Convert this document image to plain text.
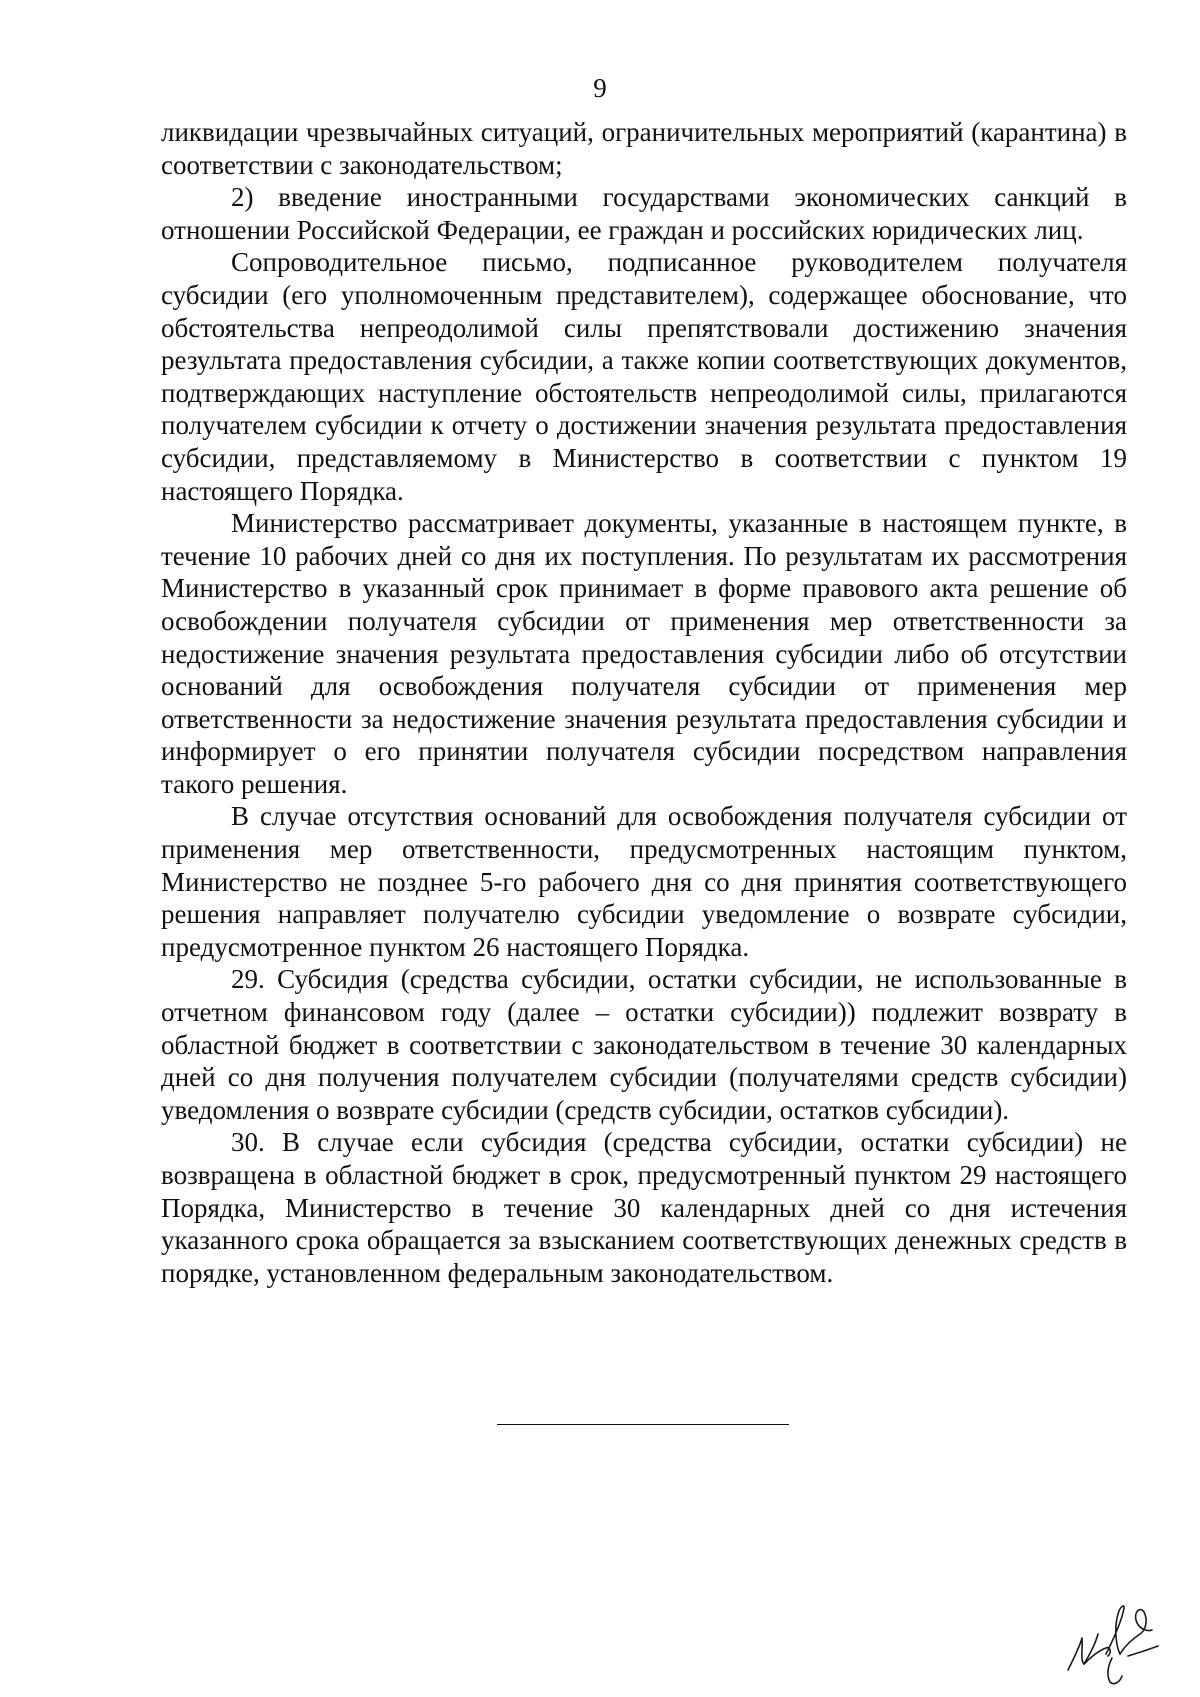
9

ликвидации чрезвычайных ситуаций, ограничительных мероприятий (карантина) в соответствии с законодательством;

2) введение иностранными государствами экономических санкций в отношении Российской Федерации, ее граждан и российских юридических лиц.

Сопроводительное письмо, подписанное руководителем получателя субсидии (его уполномоченным представителем), содержащее обоснование, что обстоятельства непреодолимой силы препятствовали достижению значения результата предоставления субсидии, а также копии соответствующих документов, подтверждающих наступление обстоятельств непреодолимой силы, прилагаются получателем субсидии к отчету о достижении значения результата предоставления субсидии, представляемому в Министерство в соответствии с пунктом 19 настоящего Порядка.

Министерство рассматривает документы, указанные в настоящем пункте, в течение 10 рабочих дней со дня их поступления. По результатам их рассмотрения Министерство в указанный срок принимает в форме правового акта решение об освобождении получателя субсидии от применения мер ответственности за недостижение значения результата предоставления субсидии либо об отсутствии оснований для освобождения получателя субсидии от применения мер ответственности за недостижение значения результата предоставления субсидии и информирует о его принятии получателя субсидии посредством направления такого решения.

В случае отсутствия оснований для освобождения получателя субсидии от применения мер ответственности, предусмотренных настоящим пунктом, Министерство не позднее 5-го рабочего дня со дня принятия соответствующего решения направляет получателю субсидии уведомление о возврате субсидии, предусмотренное пунктом 26 настоящего Порядка.

29. Субсидия (средства субсидии, остатки субсидии, не использованные в отчетном финансовом году (далее – остатки субсидии)) подлежит возврату в областной бюджет в соответствии с законодательством в течение 30 календарных дней со дня получения получателем субсидии (получателями средств субсидии) уведомления о возврате субсидии (средств субсидии, остатков субсидии).

30. В случае если субсидия (средства субсидии, остатки субсидии) не возвращена в областной бюджет в срок, предусмотренный пунктом 29 настоящего Порядка, Министерство в течение 30 календарных дней со дня истечения указанного срока обращается за взысканием соответствующих денежных средств в порядке, установленном федеральным законодательством.
